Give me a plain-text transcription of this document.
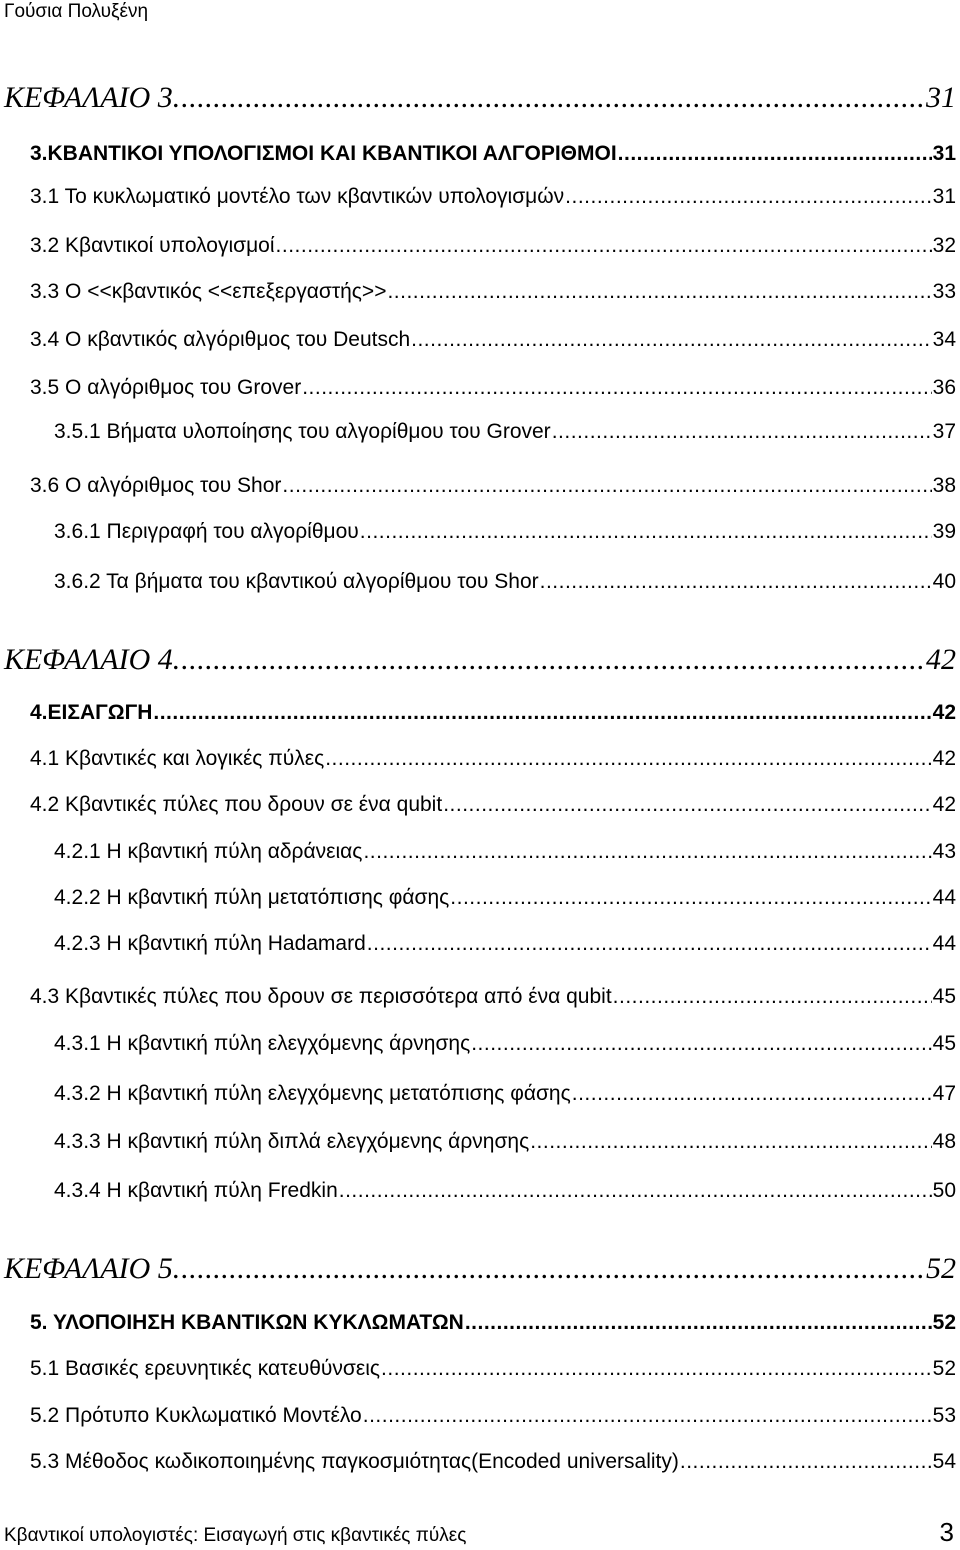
Γούσια Πολυξένη
ΚΕΦΑΛΑΙΟ 3. .....	31
3.ΚΒΑΝΤΙΚΟΙ ΥΠΟΛΟΓΙΣΜΟΙ ΚΑΙ ΚΒΑΝΤΙΚΟΙ ΑΛΓΟΡΙΘΜΟΙ .....	31
3.1 Το κυκλωματικό μοντέλο των κβαντικών υπολογισμών .....	31
3.2 Κβαντικοί υπολογισμοί .....	32
3.3 Ο <<κβαντικός <<επεξεργαστής>> .....	33
3.4 Ο κβαντικός αλγόριθμος του Deutsch .....	34
3.5 Ο αλγόριθμος του Grover .....	36
3.5.1 Βήματα υλοποίησης του αλγορίθμου του Grover .....	37
3.6 Ο αλγόριθμος του Shor .....	38
3.6.1 Περιγραφή του αλγορίθμου .....	39
3.6.2 Τα βήματα του κβαντικού αλγορίθμου του Shor .....	40
ΚΕΦΑΛΑΙΟ 4. .....	42
4.ΕΙΣΑΓΩΓΗ .....	42
4.1 Κβαντικές και λογικές πύλες .....	42
4.2 Κβαντικές πύλες που δρουν σε ένα qubit .....	42
4.2.1 Η κβαντική πύλη αδράνειας .....	43
4.2.2 Η κβαντική πύλη μετατόπισης φάσης .....	44
4.2.3 Η κβαντική πύλη Hadamard .....	44
4.3 Κβαντικές πύλες που δρουν σε περισσότερα από ένα qubit .....	45
4.3.1 Η κβαντική πύλη ελεγχόμενης άρνησης .....	45
4.3.2 Η κβαντική πύλη ελεγχόμενης μετατόπισης φάσης .....	47
4.3.3 Η κβαντική πύλη διπλά ελεγχόμενης άρνησης .....	48
4.3.4 Η κβαντική πύλη Fredkin .....	50
ΚΕΦΑΛΑΙΟ 5. .....	52
5. ΥΛΟΠΟΙΗΣΗ ΚΒΑΝΤΙΚΩΝ ΚΥΚΛΩΜΑΤΩΝ .....	52
5.1 Βασικές ερευνητικές κατευθύνσεις .....	52
5.2 Πρότυπο Κυκλωματικό Μοντέλο .....	53
5.3 Μέθοδος κωδικοποιημένης παγκοσμιότητας(Encoded universality) .....	54
Κβαντικοί υπολογιστές: Εισαγωγή στις κβαντικές πύλες	3
